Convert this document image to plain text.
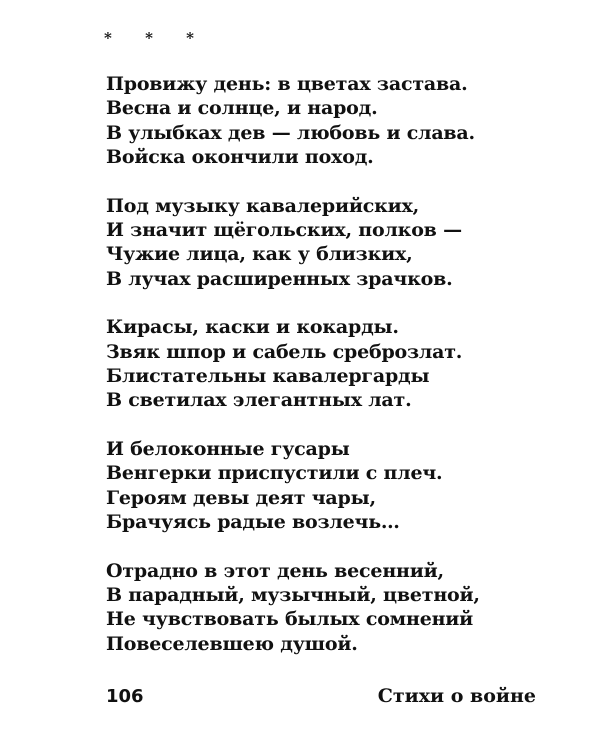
* * *
Провижу день: в цветах застава.
Весна и солнце, и народ.
В улыбках дев — любовь и слава.
Войска окончили поход.
Под музыку кавалерийских,
И значит щёгольских, полков —
Чужие лица, как у близких,
В лучах расширенных зрачков.
Кирасы, каски и кокарды.
Звяк шпор и сабель среброзлат.
Блистательны кавалергарды
В светилах элегантных лат.
И белоконные гусары
Венгерки приспустили с плеч.
Героям девы деят чары,
Брачуясь радые возлечь…
Отрадно в этот день весенний,
В парадный, музычный, цветной,
Не чувствовать былых сомнений
Повеселевшею душой.
106	Стихи о войне
